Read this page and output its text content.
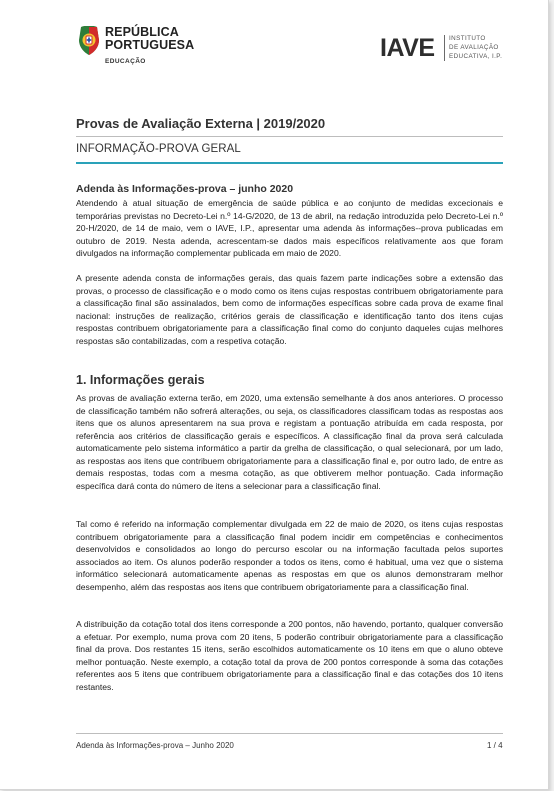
REPÚBLICA
PORTUGUESA
EDUCAÇÃO	IAVE INSTITUTO
DE AVALIAÇÃO
EDUCATIVA, I.P.
Provas de Avaliação Externa | 2019/2020
INFORMAÇÃO-PROVA GERAL
Adenda às Informações-prova – junho 2020

Atendendo à atual situação de emergência de saúde pública e ao conjunto de medidas excecionais e temporárias previstas no Decreto-Lei n.º 14-G/2020, de 13 de abril, na redação introduzida pelo Decreto-Lei n.º 20-H/2020, de 14 de maio, vem o IAVE, I.P., apresentar uma adenda às informações--prova publicadas em outubro de 2019. Nesta adenda, acrescentam-se dados mais específicos relativamente aos que foram divulgados na informação complementar publicada em maio de 2020.

A presente adenda consta de informações gerais, das quais fazem parte indicações sobre a extensão das provas, o processo de classificação e o modo como os itens cujas respostas contribuem obrigatoriamente para a classificação final são assinalados, bem como de informações específicas sobre cada prova de exame final nacional: instruções de realização, critérios gerais de classificação e identificação tanto dos itens cujas respostas contribuem obrigatoriamente para a classificação final como do conjunto daqueles cujas melhores respostas são contabilizadas, com a respetiva cotação.

1. Informações gerais

As provas de avaliação externa terão, em 2020, uma extensão semelhante à dos anos anteriores. O processo de classificação também não sofrerá alterações, ou seja, os classificadores classificam todas as respostas aos itens que os alunos apresentarem na sua prova e registam a pontuação atribuída em cada resposta, por referência aos critérios de classificação gerais e específicos. A classificação final da prova será calculada automaticamente pelo sistema informático a partir da grelha de classificação, o qual selecionará, por um lado, as respostas aos itens que contribuem obrigatoriamente para a classificação final e, por outro lado, de entre as demais respostas, todas com a mesma cotação, as que obtiverem melhor pontuação. Cada informação específica dará conta do número de itens a selecionar para a classificação final.

Tal como é referido na informação complementar divulgada em 22 de maio de 2020, os itens cujas respostas contribuem obrigatoriamente para a classificação final podem incidir em competências e conhecimentos desenvolvidos e consolidados ao longo do percurso escolar ou na informação facultada pelos suportes associados ao item. Os alunos poderão responder a todos os itens, como é habitual, uma vez que o sistema informático selecionará automaticamente apenas as respostas em que os alunos demonstraram melhor desempenho, além das respostas aos itens que contribuem obrigatoriamente para a classificação final.

A distribuição da cotação total dos itens corresponde a 200 pontos, não havendo, portanto, qualquer conversão a efetuar. Por exemplo, numa prova com 20 itens, 5 poderão contribuir obrigatoriamente para a classificação final da prova. Dos restantes 15 itens, serão escolhidos automaticamente os 10 itens em que o aluno obteve melhor pontuação. Neste exemplo, a cotação total da prova de 200 pontos corresponde à soma das cotações referentes aos 5 itens que contribuem obrigatoriamente para a classificação final e das cotações dos 10 itens restantes.

Adenda às Informações-prova – Junho 2020	1 / 4
